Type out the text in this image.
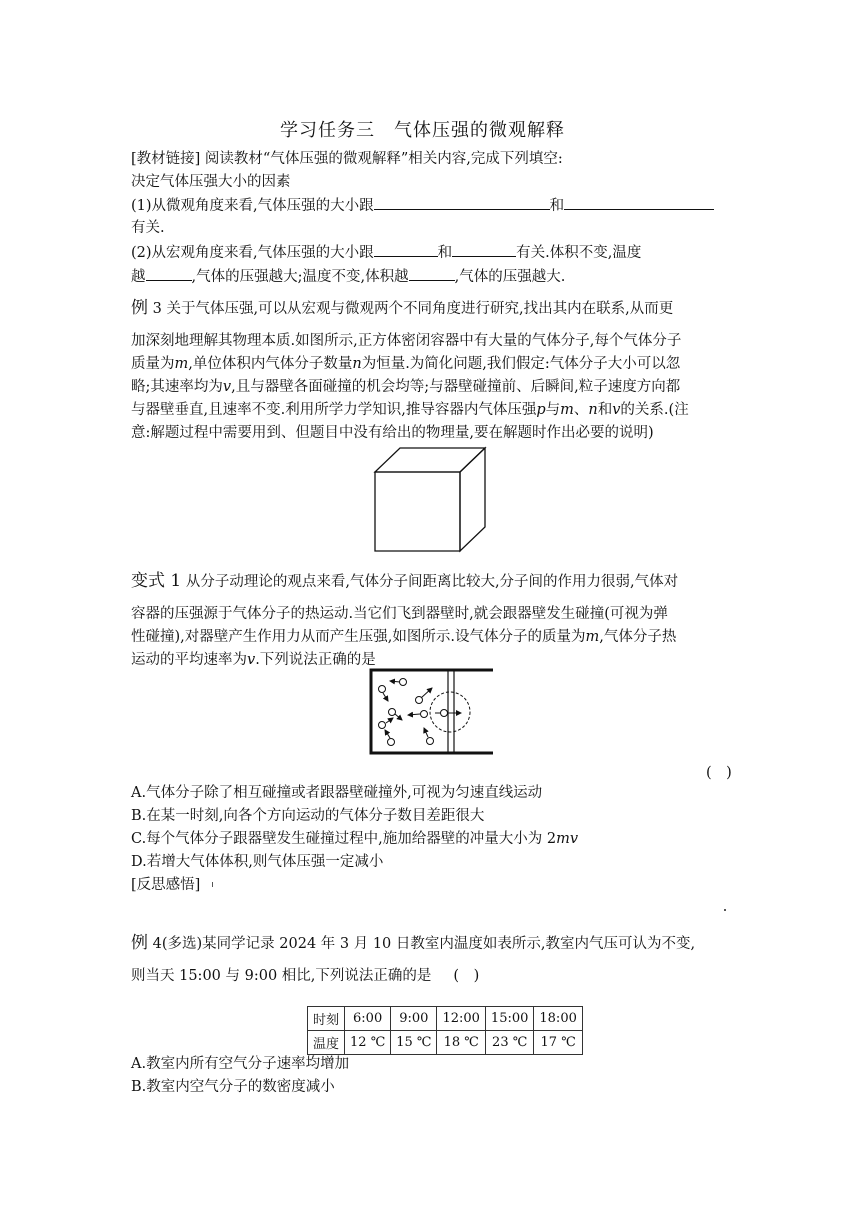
学习任务三　气体压强的微观解释
[教材链接] 阅读教材“气体压强的微观解释”相关内容,完成下列填空:
决定气体压强大小的因素
(1)从微观角度来看,气体压强的大小跟	和
有关.
(2)从宏观角度来看,气体压强的大小跟	和	有关.体积不变,温度
越	,气体的压强越大;温度不变,体积越	,气体的压强越大.
例 3 关于气体压强,可以从宏观与微观两个不同角度进行研究,找出其内在联系,从而更
加深刻地理解其物理本质.如图所示,正方体密闭容器中有大量的气体分子,每个气体分子
质量为m,单位体积内气体分子数量n为恒量.为简化问题,我们假定:气体分子大小可以忽
略;其速率均为v,且与器壁各面碰撞的机会均等;与器壁碰撞前、后瞬间,粒子速度方向都
与器壁垂直,且速率不变.利用所学力学知识,推导容器内气体压强p与m、n和v的关系.(注
意:解题过程中需要用到、但题目中没有给出的物理量,要在解题时作出必要的说明)
变式 1 从分子动理论的观点来看,气体分子间距离比较大,分子间的作用力很弱,气体对
容器的压强源于气体分子的热运动.当它们飞到器壁时,就会跟器壁发生碰撞(可视为弹
性碰撞),对器壁产生作用力从而产生压强,如图所示.设气体分子的质量为m,气体分子热
运动的平均速率为v.下列说法正确的是
(　)
A.气体分子除了相互碰撞或者跟器壁碰撞外,可视为匀速直线运动
B.在某一时刻,向各个方向运动的气体分子数目差距很大
C.每个气体分子跟器壁发生碰撞过程中,施加给器壁的冲量大小为 2mv
D.若增大气体体积,则气体压强一定减小
[反思感悟]
例 4(多选)某同学记录 2024 年 3 月 10 日教室内温度如表所示,教室内气压可认为不变,
则当天 15:00 与 9:00 相比,下列说法正确的是 (　)
时刻	6:00	9:00	12:00	15:00	18:00
温度	12 ℃	15 ℃	18 ℃	23 ℃	17 ℃
A.教室内所有空气分子速率均增加
B.教室内空气分子的数密度减小
